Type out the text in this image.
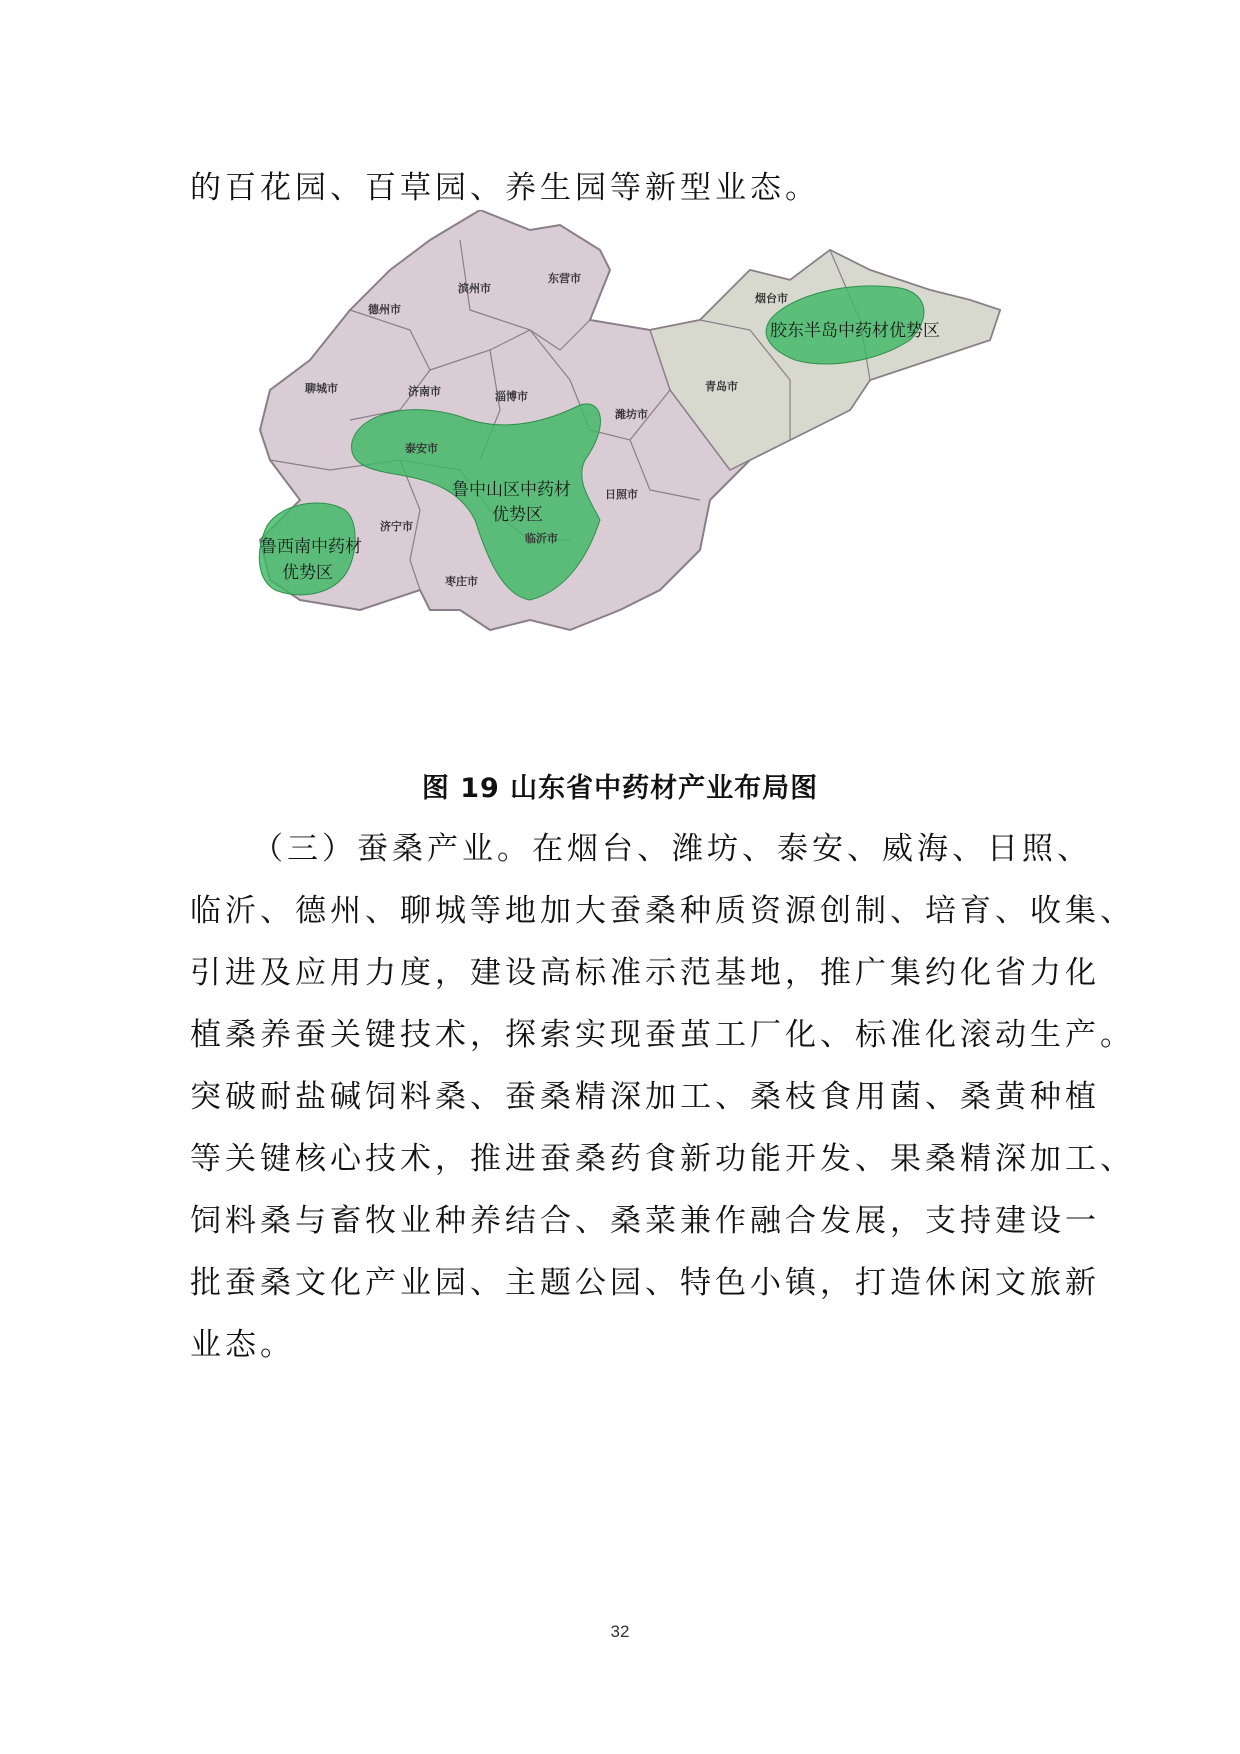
的百花园、百草园、养生园等新型业态。

德州市
聊城市	济南市	淄博市
滨州市
东营市
烟台市
潍坊市
青岛市
泰安市
济宁市
临沂市
日照市
枣庄市
胶东半岛中药材优势区
鲁中山区中药材
优势区
鲁西南中药材
优势区

图 19 山东省中药材产业布局图

（三）蚕桑产业。在烟台、潍坊、泰安、威海、日照、

临沂、德州、聊城等地加大蚕桑种质资源创制、培育、收集、

引进及应用力度，建设高标准示范基地，推广集约化省力化

植桑养蚕关键技术，探索实现蚕茧工厂化、标准化滚动生产。

突破耐盐碱饲料桑、蚕桑精深加工、桑枝食用菌、桑黄种植

等关键核心技术，推进蚕桑药食新功能开发、果桑精深加工、

饲料桑与畜牧业种养结合、桑菜兼作融合发展，支持建设一

批蚕桑文化产业园、主题公园、特色小镇，打造休闲文旅新

业态。

32
